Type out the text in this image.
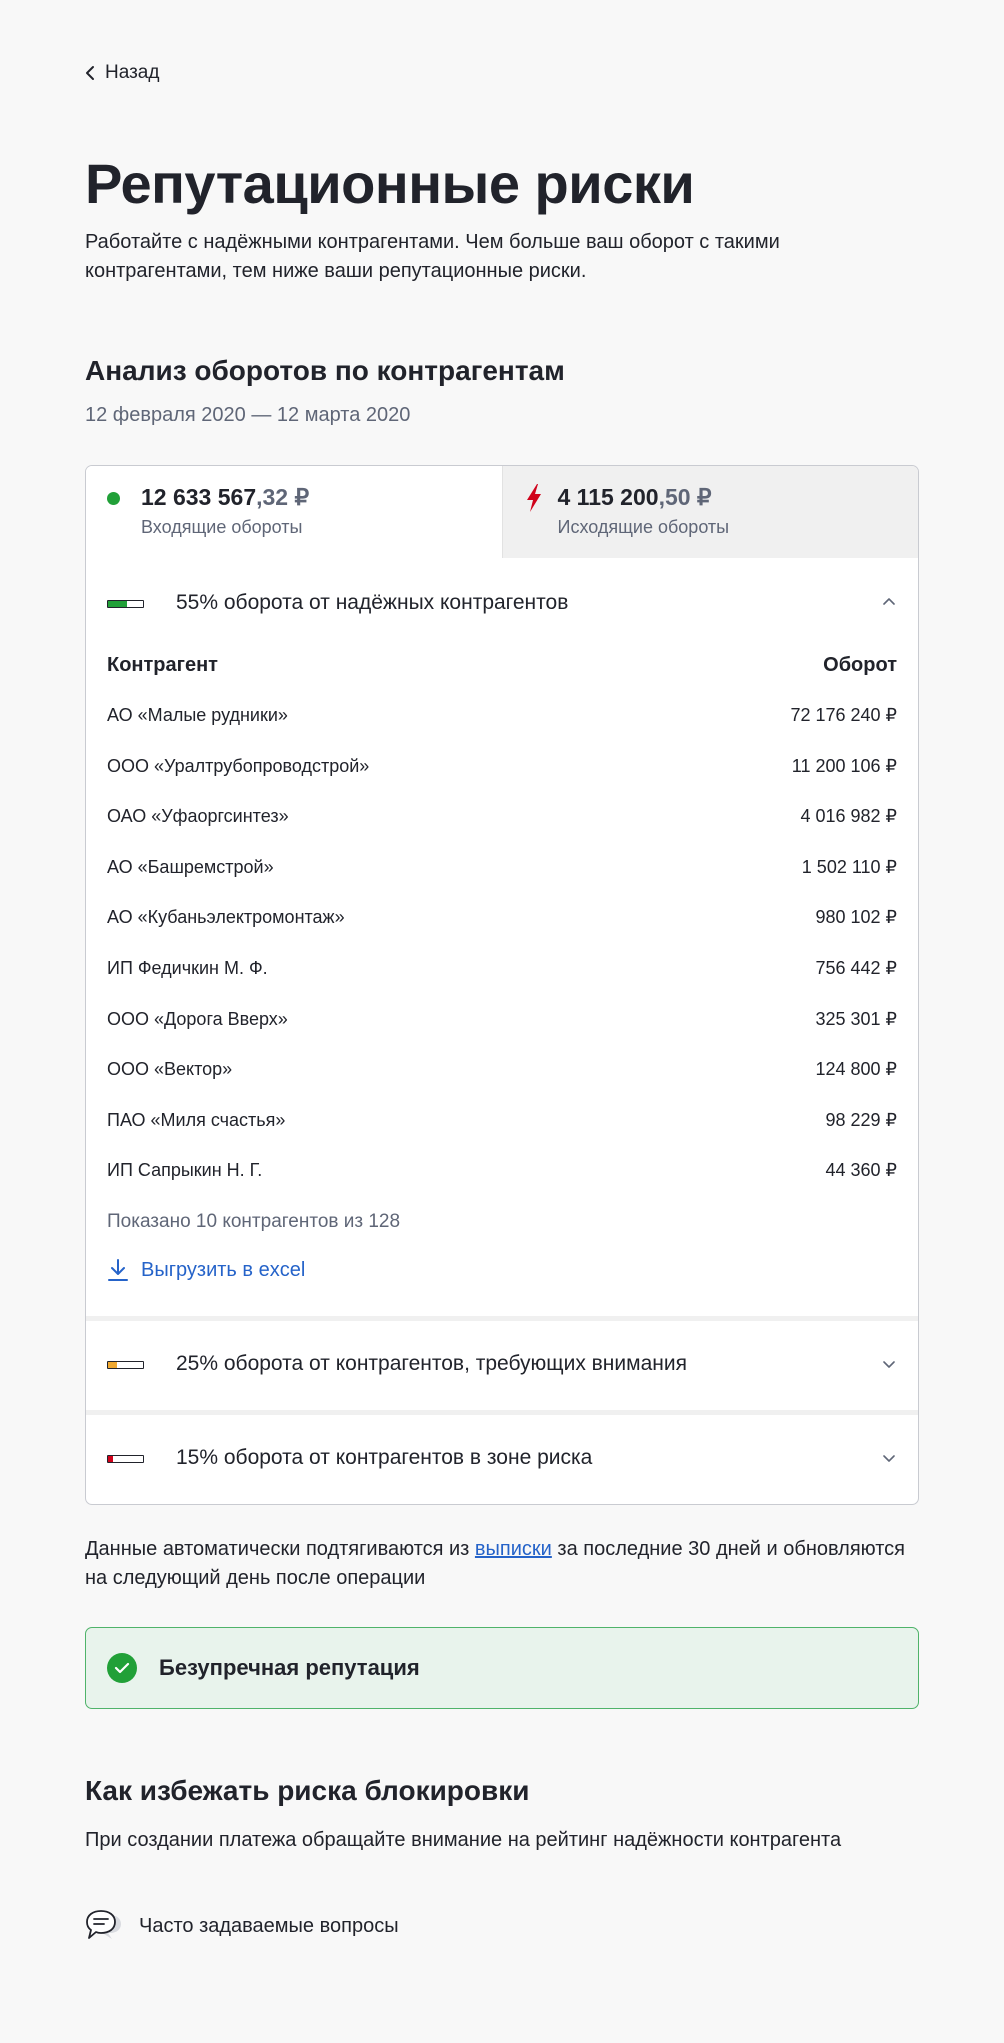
Назад
Репутационные риски

Работайте с надёжными контрагентами. Чем больше ваш оборот с такими контрагентами, тем ниже ваши репутационные риски.

Анализ оборотов по контрагентам
12 февраля 2020 — 12 марта 2020
12 633 567,32 ₽
Входящие обороты
4 115 200,50 ₽
Исходящие обороты
55% оборота от надёжных контрагентов
Контрагент	Оборот
АО «Малые рудники»	72 176 240 ₽
ООО «Уралтрубопроводстрой»	11 200 106 ₽
ОАО «Уфаоргсинтез»	4 016 982 ₽
АО «Башремстрой»	1 502 110 ₽
АО «Кубаньэлектромонтаж»	980 102 ₽
ИП Федичкин М. Ф.	756 442 ₽
ООО «Дорога Вверх»	325 301 ₽
ООО «Вектор»	124 800 ₽
ПАО «Миля счастья»	98 229 ₽
ИП Сапрыкин Н. Г.	44 360 ₽
Показано 10 контрагентов из 128
Выгрузить в excel
25% оборота от контрагентов, требующих внимания
15% оборота от контрагентов в зоне риска

Данные автоматически подтягиваются из выписки за последние 30 дней и обновляются на следующий день после операции

Безупречная репутация
Как избежать риска блокировки

При создании платежа обращайте внимание на рейтинг надёжности контрагента

Часто задаваемые вопросы
